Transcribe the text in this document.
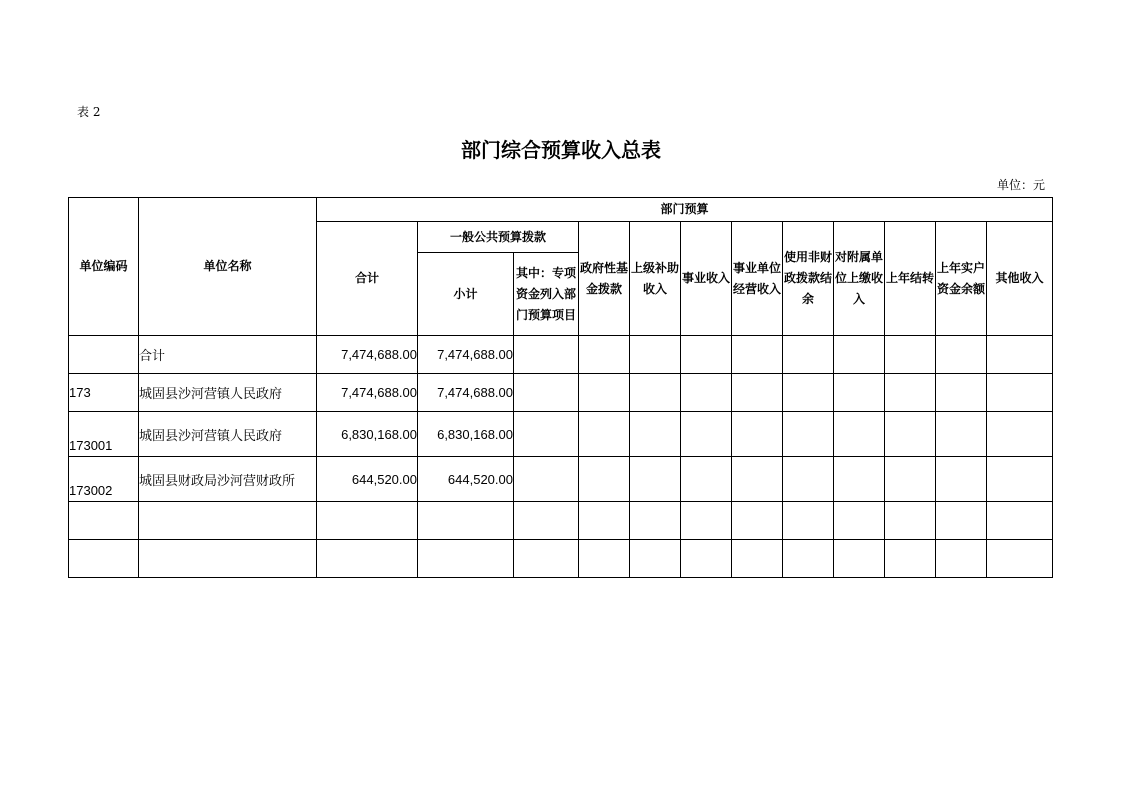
表 2
部门综合预算收入总表
单位：元
单位编码	单位名称	部门预算											
		合计	一般公共预算拨款		政府性基金拨款	上级补助收入	事业收入	事业单位经营收入	使用非财政拨款结余	对附属单位上缴收入	上年结转	上年实户资金余额	其他收入
			小计	其中：专项资金列入部门预算项目									
	合计	7,474,688.00	7,474,688.00										
173	城固县沙河营镇人民政府	7,474,688.00	7,474,688.00										
173001	城固县沙河营镇人民政府	6,830,168.00	6,830,168.00										
173002	城固县财政局沙河营财政所	644,520.00	644,520.00										
